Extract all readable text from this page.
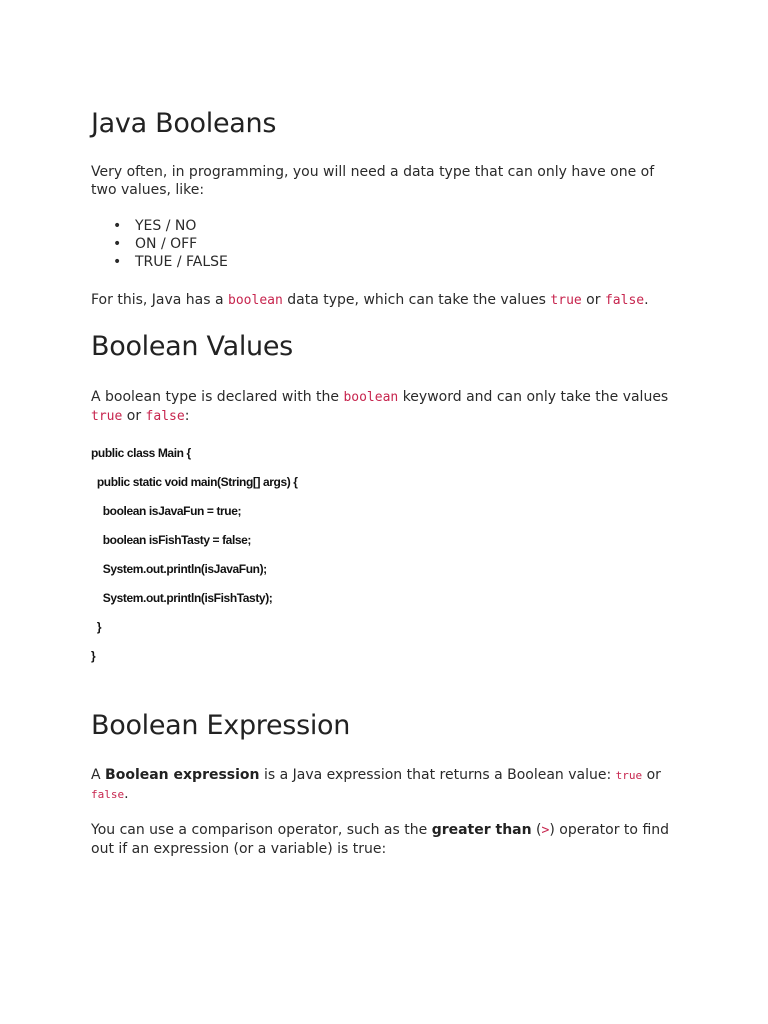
Java Booleans

Very often, in programming, you will need a data type that can only have one of two values, like:

• YES / NO
• ON / OFF
• TRUE / FALSE

For this, Java has a boolean data type, which can take the values true or false.

Boolean Values

A boolean type is declared with the boolean keyword and can only take the values true or false:

public class Main {
public static void main(String[] args) {
boolean isJavaFun = true;
boolean isFishTasty = false;
System.out.println(isJavaFun);
System.out.println(isFishTasty);
}
}
Boolean Expression

A Boolean expression is a Java expression that returns a Boolean value: true or false.

You can use a comparison operator, such as the greater than (>) operator to find out if an expression (or a variable) is true:
